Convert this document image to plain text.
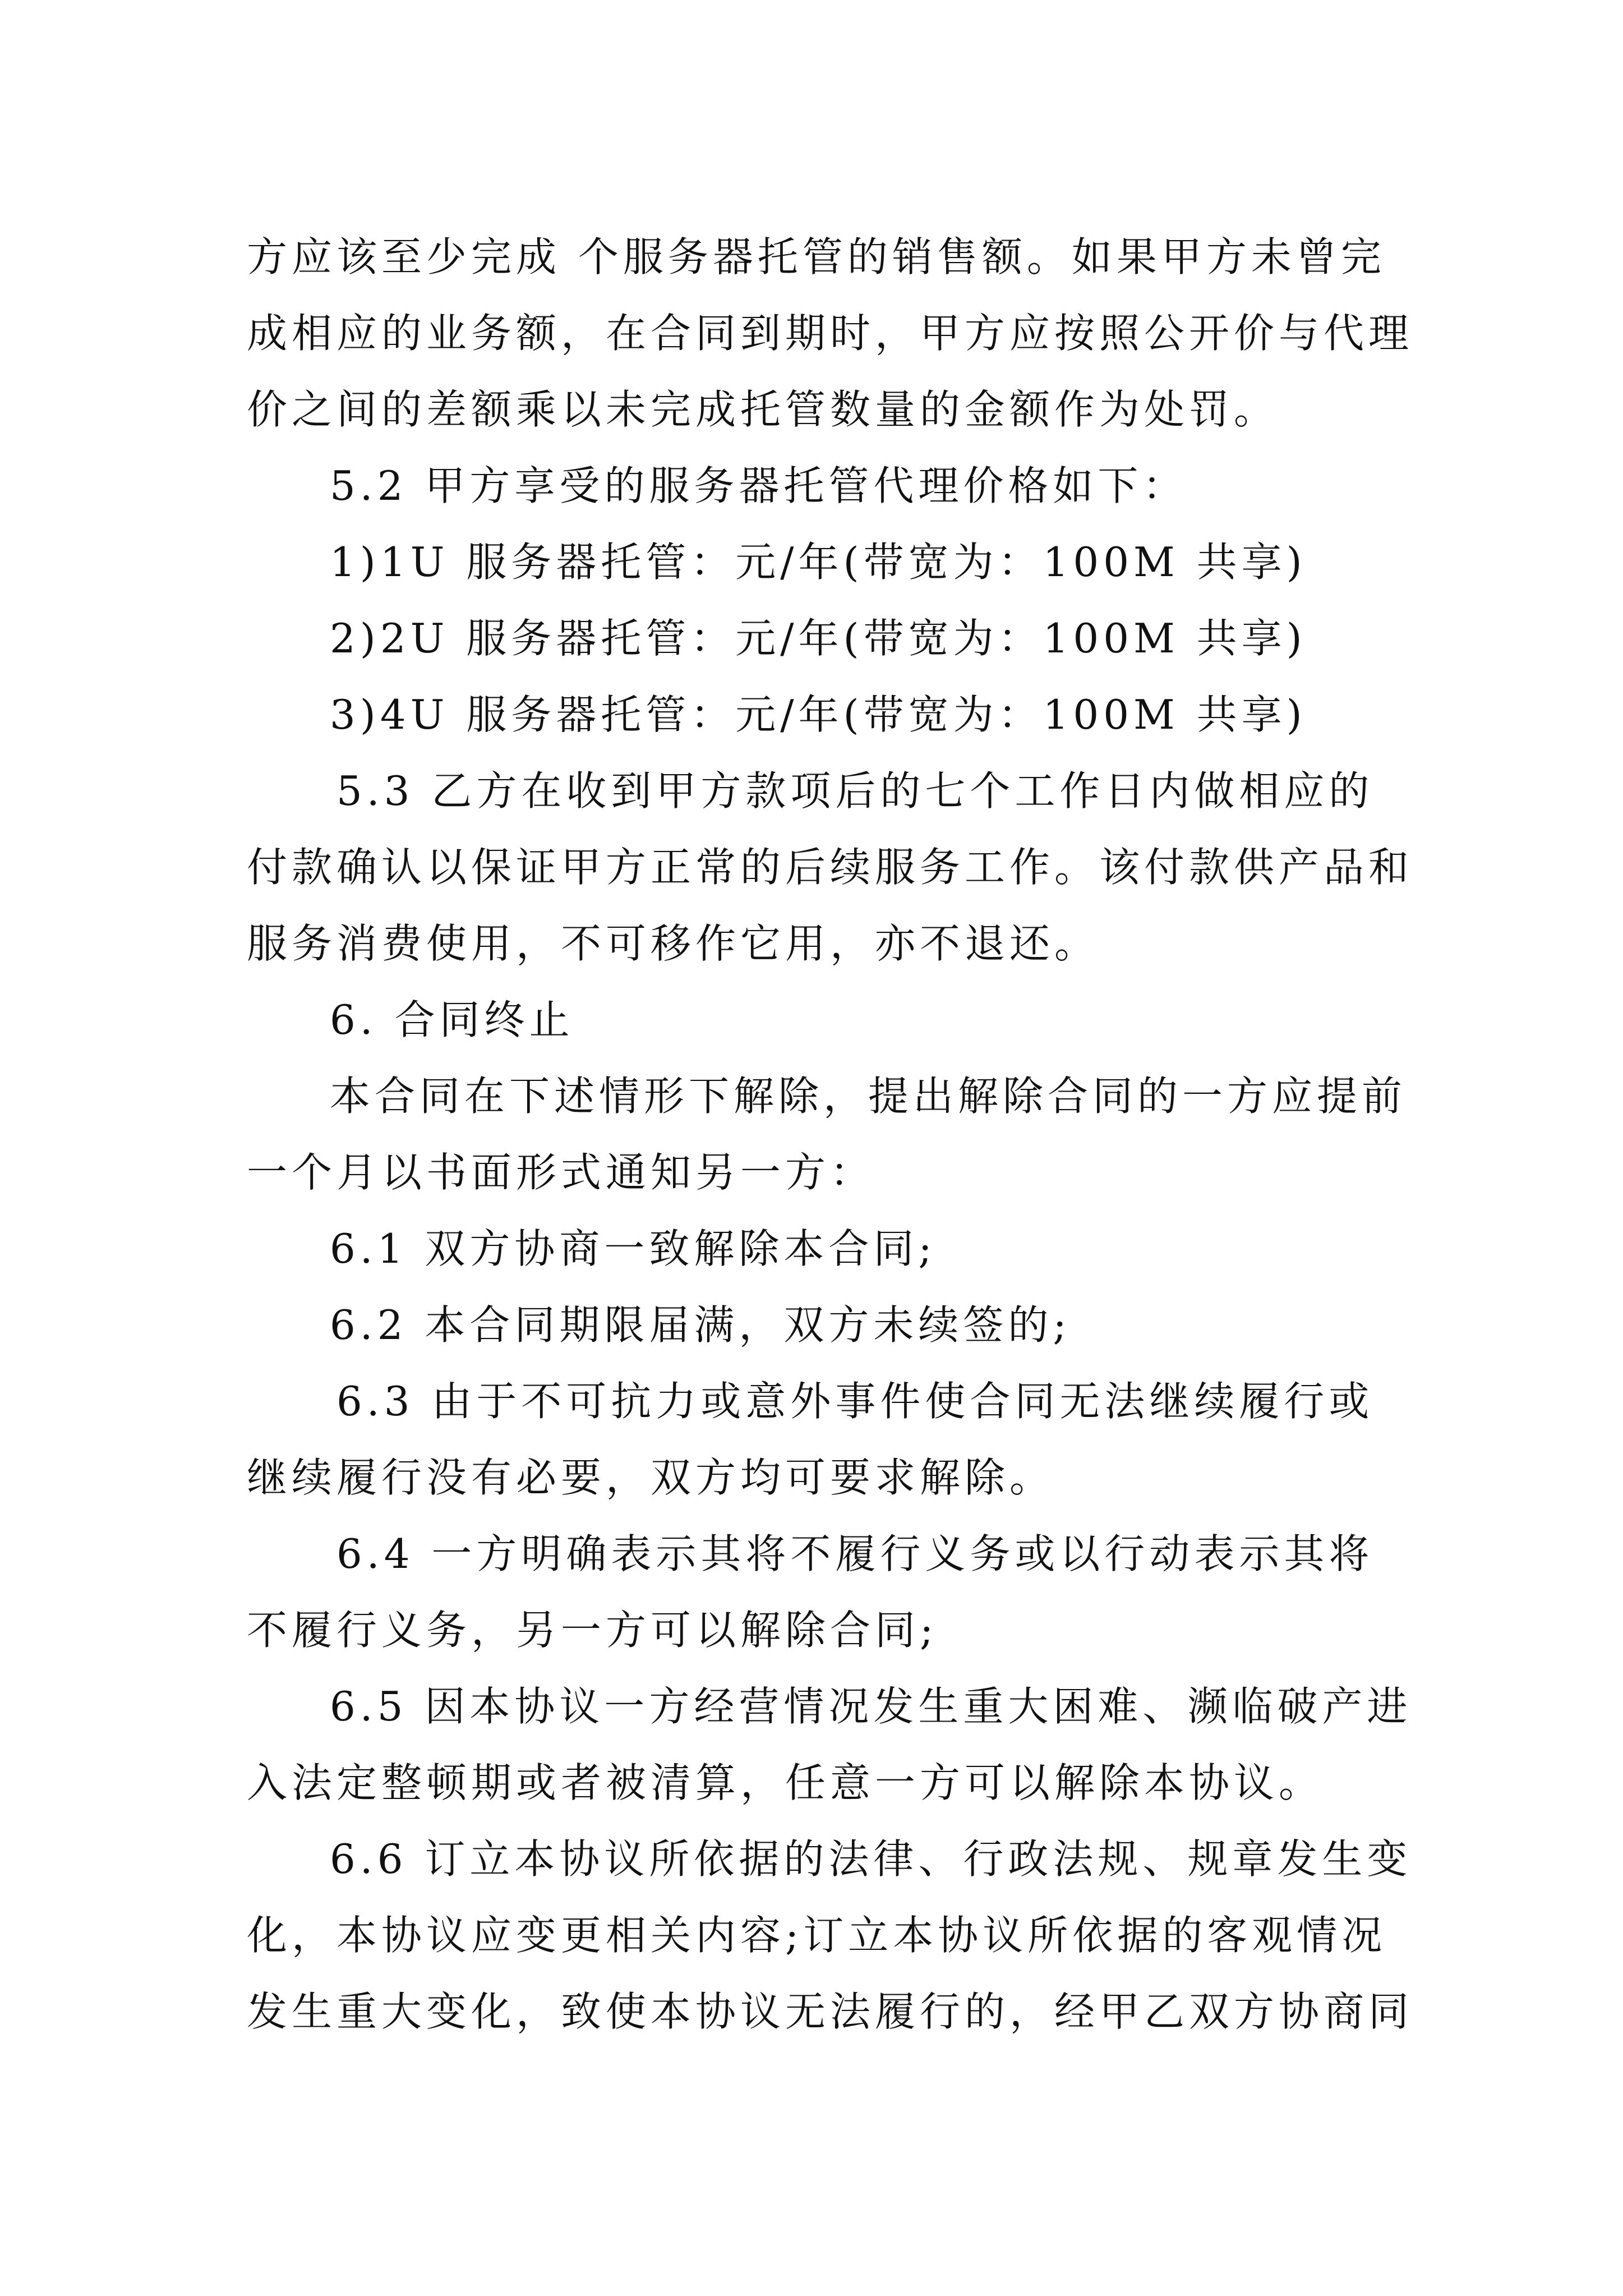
方应该至少完成 个服务器托管的销售额。如果甲方未曾完
成相应的业务额，在合同到期时，甲方应按照公开价与代理
价之间的差额乘以未完成托管数量的金额作为处罚。
5.2 甲方享受的服务器托管代理价格如下：
1)1U 服务器托管：元/年(带宽为：100M 共享)
2)2U 服务器托管：元/年(带宽为：100M 共享)
3)4U 服务器托管：元/年(带宽为：100M 共享)
5.3 乙方在收到甲方款项后的七个工作日内做相应的
付款确认以保证甲方正常的后续服务工作。该付款供产品和
服务消费使用，不可移作它用，亦不退还。
6. 合同终止
本合同在下述情形下解除，提出解除合同的一方应提前
一个月以书面形式通知另一方：
6.1 双方协商一致解除本合同;
6.2 本合同期限届满，双方未续签的;
6.3 由于不可抗力或意外事件使合同无法继续履行或
继续履行没有必要，双方均可要求解除。
6.4 一方明确表示其将不履行义务或以行动表示其将
不履行义务，另一方可以解除合同;
6.5 因本协议一方经营情况发生重大困难、濒临破产进
入法定整顿期或者被清算，任意一方可以解除本协议。
6.6 订立本协议所依据的法律、行政法规、规章发生变
化，本协议应变更相关内容;订立本协议所依据的客观情况
发生重大变化，致使本协议无法履行的，经甲乙双方协商同
